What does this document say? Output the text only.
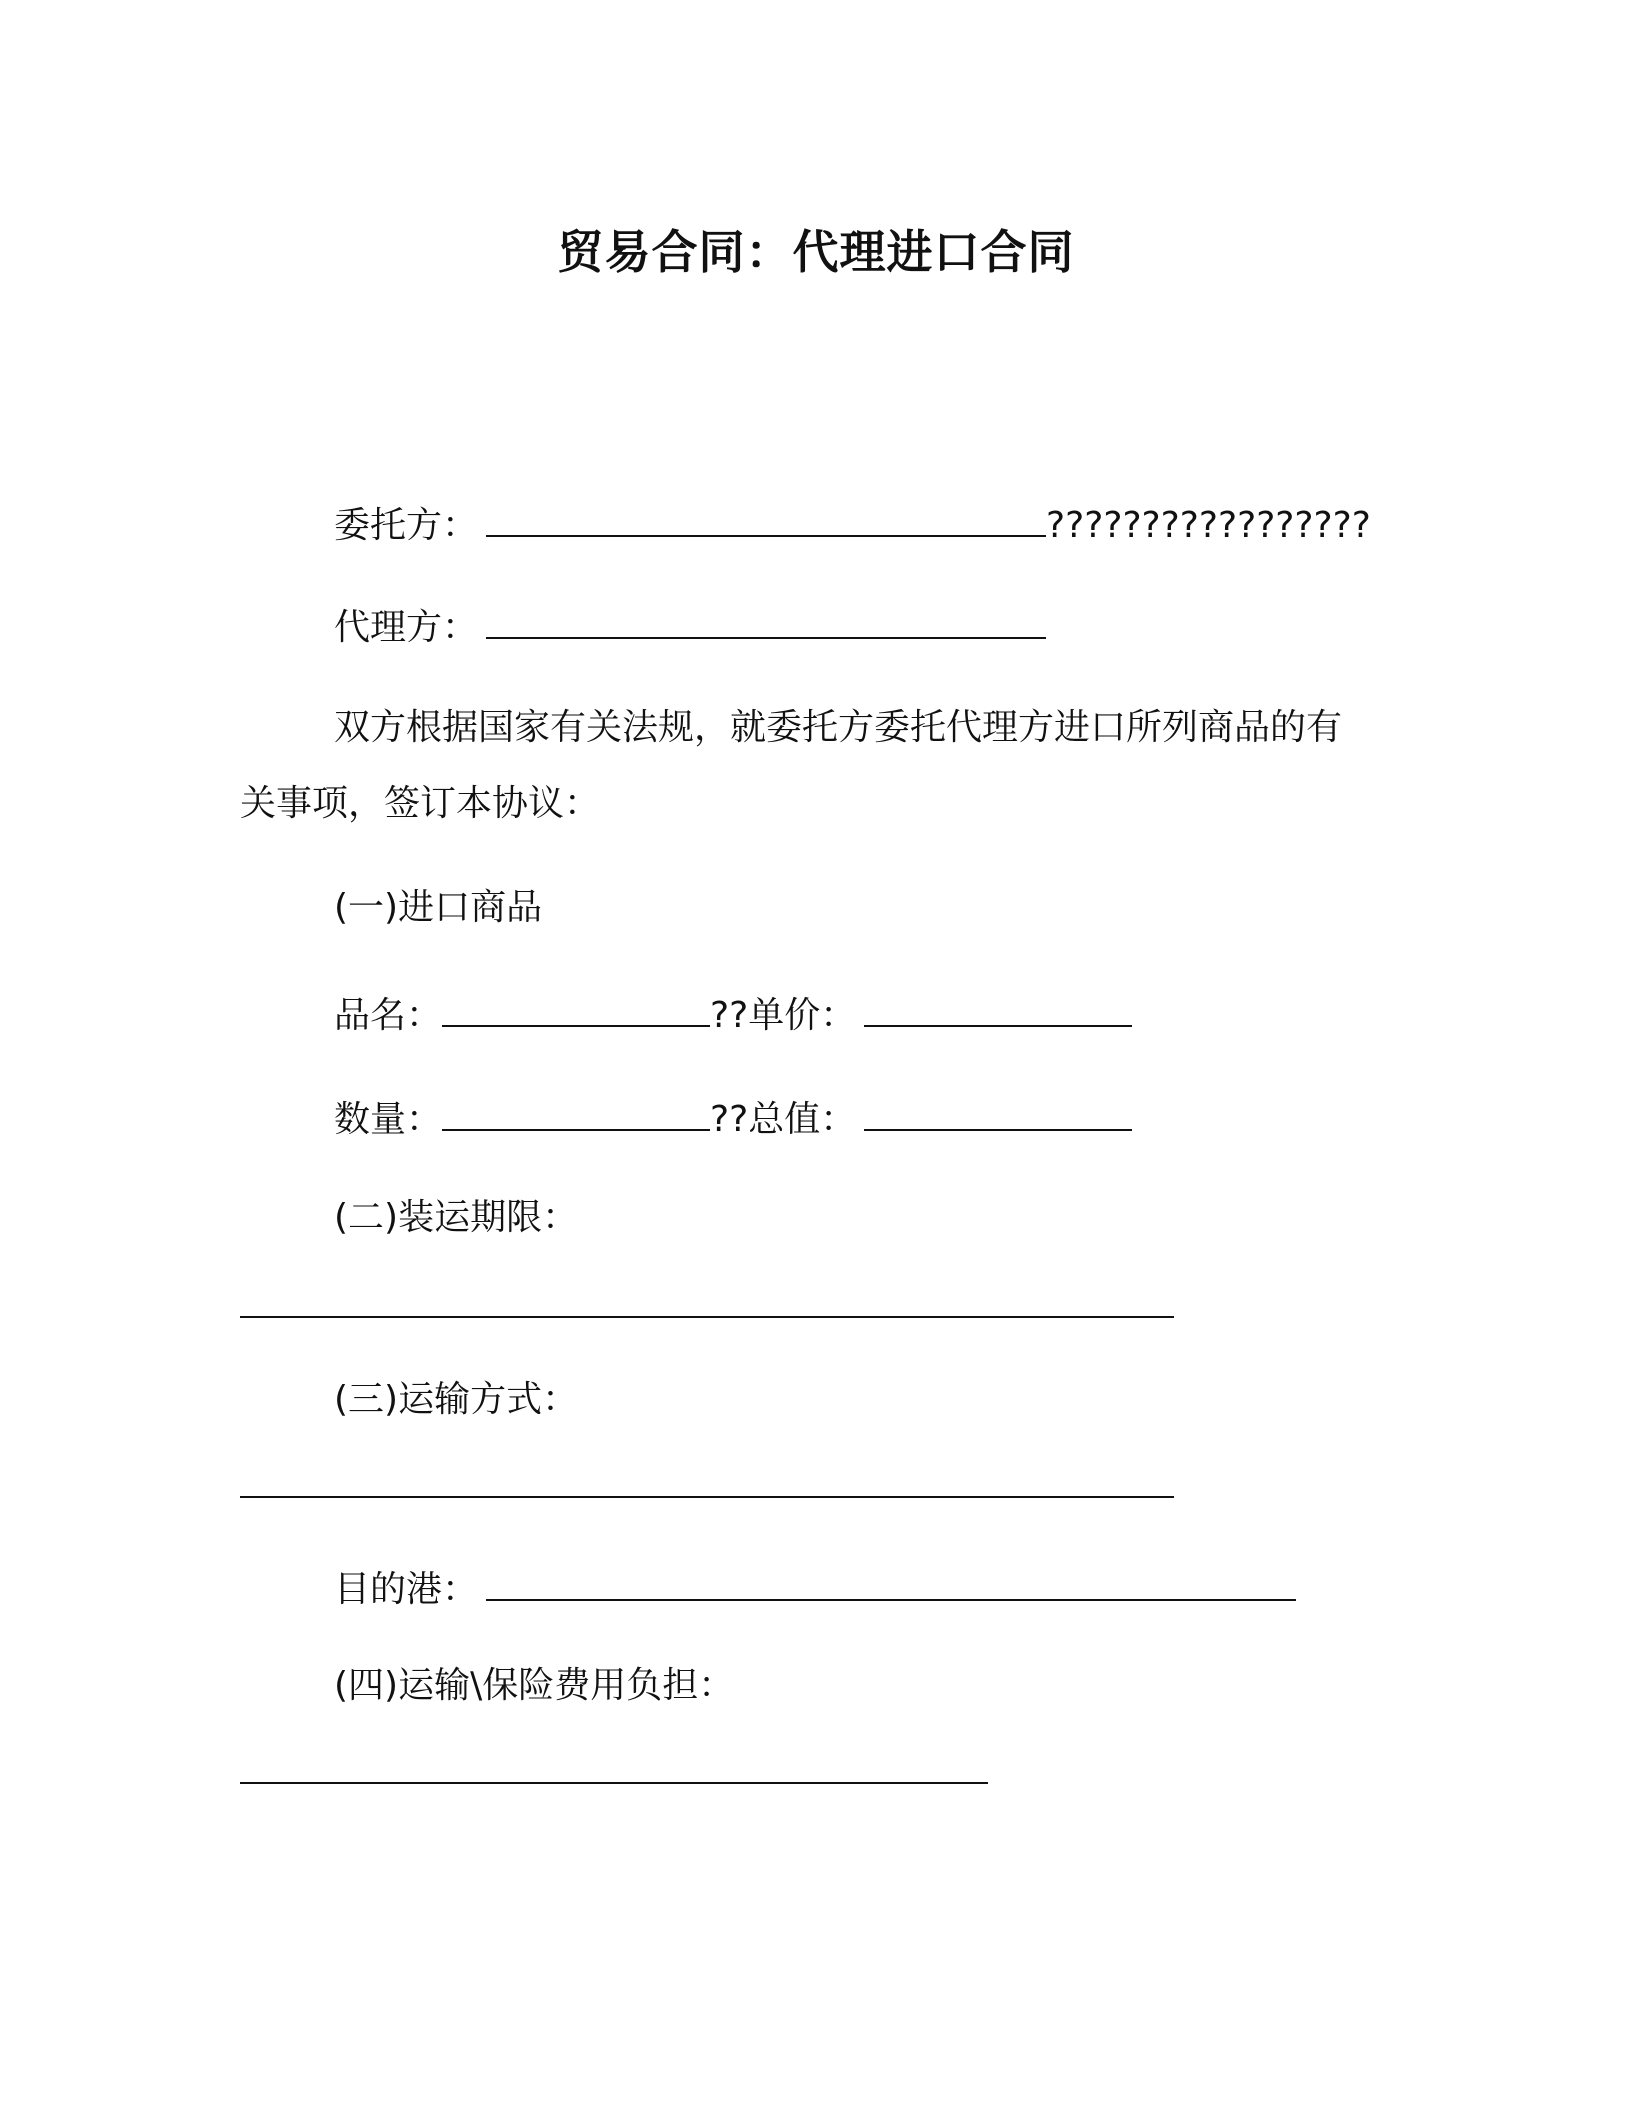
贸易合同：代理进口合同
委托方：	?????????????????
代理方：
双方根据国家有关法规，就委托方委托代理方进口所列商品的有
关事项，签订本协议：
(一)进口商品
品名：	??单价：
数量：	??总值：
(二)装运期限：
(三)运输方式：
目的港：
(四)运输\保险费用负担：
